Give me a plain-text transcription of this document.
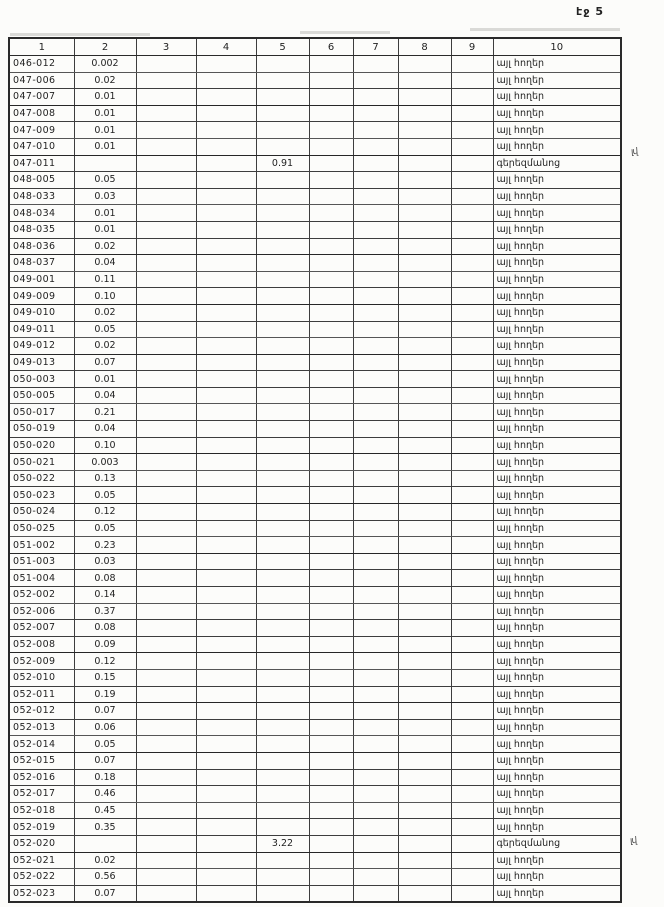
էջ 5
1	2	3	4	5	6	7	8	9	10
046-012	0.002								այլ հողեր
047-006	0.02								այլ հողեր
047-007	0.01								այլ հողեր
047-008	0.01								այլ հողեր
047-009	0.01								այլ հողեր
047-010	0.01								այլ հողեր
047-011				0.91					գերեզմանոց
048-005	0.05								այլ հողեր
048-033	0.03								այլ հողեր
048-034	0.01								այլ հողեր
048-035	0.01								այլ հողեր
048-036	0.02								այլ հողեր
048-037	0.04								այլ հողեր
049-001	0.11								այլ հողեր
049-009	0.10								այլ հողեր
049-010	0.02								այլ հողեր
049-011	0.05								այլ հողեր
049-012	0.02								այլ հողեր
049-013	0.07								այլ հողեր
050-003	0.01								այլ հողեր
050-005	0.04								այլ հողեր
050-017	0.21								այլ հողեր
050-019	0.04								այլ հողեր
050-020	0.10								այլ հողեր
050-021	0.003								այլ հողեր
050-022	0.13								այլ հողեր
050-023	0.05								այլ հողեր
050-024	0.12								այլ հողեր
050-025	0.05								այլ հողեր
051-002	0.23								այլ հողեր
051-003	0.03								այլ հողեր
051-004	0.08								այլ հողեր
052-002	0.14								այլ հողեր
052-006	0.37								այլ հողեր
052-007	0.08								այլ հողեր
052-008	0.09								այլ հողեր
052-009	0.12								այլ հողեր
052-010	0.15								այլ հողեր
052-011	0.19								այլ հողեր
052-012	0.07								այլ հողեր
052-013	0.06								այլ հողեր
052-014	0.05								այլ հողեր
052-015	0.07								այլ հողեր
052-016	0.18								այլ հողեր
052-017	0.46								այլ հողեր
052-018	0.45								այլ հողեր
052-019	0.35								այլ հողեր
052-020				3.22					գերեզմանոց
052-021	0.02								այլ հողեր
052-022	0.56								այլ հողեր
052-023	0.07								այլ հողեր
լվ
լվ
